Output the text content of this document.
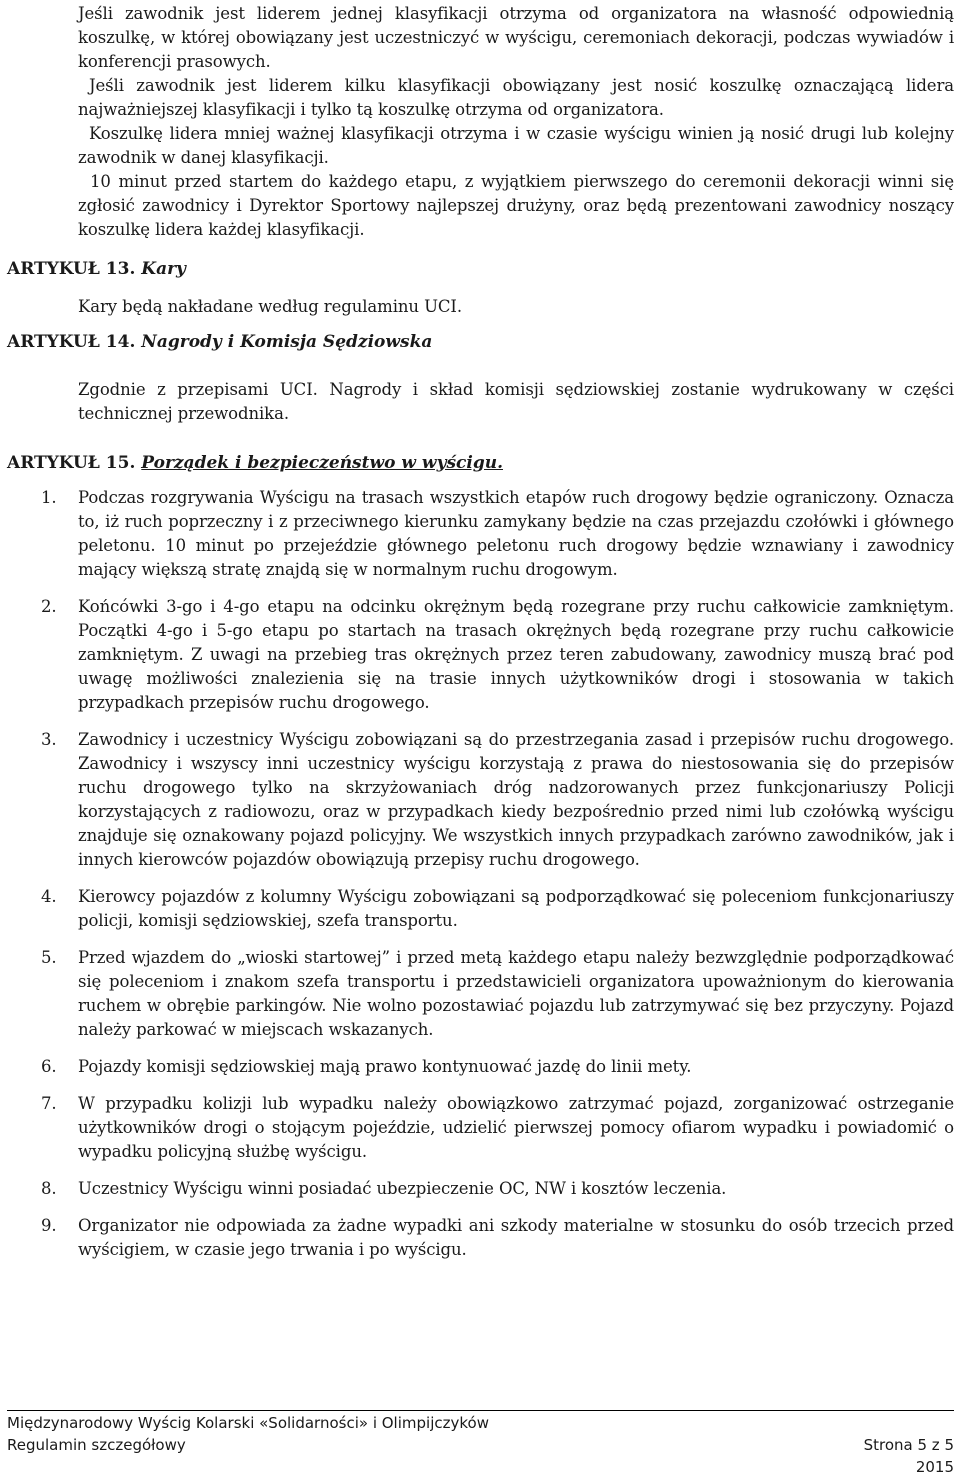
Jeśli zawodnik jest liderem jednej klasyfikacji otrzyma od organizatora na własność odpowiednią koszulkę, w której obowiązany jest uczestniczyć w wyścigu, ceremoniach dekoracji, podczas wywiadów i konferencji prasowych.

Jeśli zawodnik jest liderem kilku klasyfikacji obowiązany jest nosić koszulkę oznaczającą lidera najważniejszej klasyfikacji i tylko tą koszulkę otrzyma od organizatora.

Koszulkę lidera mniej ważnej klasyfikacji otrzyma i w czasie wyścigu winien ją nosić drugi lub kolejny zawodnik w danej klasyfikacji.

10 minut przed startem do każdego etapu, z wyjątkiem pierwszego do ceremonii dekoracji winni się zgłosić zawodnicy i Dyrektor Sportowy najlepszej drużyny, oraz będą prezentowani zawodnicy noszący koszulkę lidera każdej klasyfikacji.

ARTYKUŁ 13. Kary

Kary będą nakładane według regulaminu UCI.

ARTYKUŁ 14. Nagrody i Komisja Sędziowska

Zgodnie z przepisami UCI. Nagrody i skład komisji sędziowskiej zostanie wydrukowany w części technicznej przewodnika.

ARTYKUŁ 15. Porządek i bezpieczeństwo w wyścigu.
1. Podczas rozgrywania Wyścigu na trasach wszystkich etapów ruch drogowy będzie ograniczony. Oznacza to, iż ruch poprzeczny i z przeciwnego kierunku zamykany będzie na czas przejazdu czołówki i głównego peletonu. 10 minut po przejeździe głównego peletonu ruch drogowy będzie wznawiany i zawodnicy mający większą stratę znajdą się w normalnym ruchu drogowym.
2. Końcówki 3-go i 4-go etapu na odcinku okrężnym będą rozegrane przy ruchu całkowicie zamkniętym. Początki 4-go i 5-go etapu po startach na trasach okrężnych będą rozegrane przy ruchu całkowicie zamkniętym. Z uwagi na przebieg tras okrężnych przez teren zabudowany, zawodnicy muszą brać pod uwagę możliwości znalezienia się na trasie innych użytkowników drogi i stosowania w takich przypadkach przepisów ruchu drogowego.
3. Zawodnicy i uczestnicy Wyścigu zobowiązani są do przestrzegania zasad i przepisów ruchu drogowego. Zawodnicy i wszyscy inni uczestnicy wyścigu korzystają z prawa do niestosowania się do przepisów ruchu drogowego tylko na skrzyżowaniach dróg nadzorowanych przez funkcjonariuszy Policji korzystających z radiowozu, oraz w przypadkach kiedy bezpośrednio przed nimi lub czołówką wyścigu znajduje się oznakowany pojazd policyjny. We wszystkich innych przypadkach zarówno zawodników, jak i innych kierowców pojazdów obowiązują przepisy ruchu drogowego.
4. Kierowcy pojazdów z kolumny Wyścigu zobowiązani są podporządkować się poleceniom funkcjonariuszy policji, komisji sędziowskiej, szefa transportu.
5. Przed wjazdem do „wioski startowej” i przed metą każdego etapu należy bezwzględnie podporządkować się poleceniom i znakom szefa transportu i przedstawicieli organizatora upoważnionym do kierowania ruchem w obrębie parkingów. Nie wolno pozostawiać pojazdu lub zatrzymywać się bez przyczyny. Pojazd należy parkować w miejscach wskazanych.
6. Pojazdy komisji sędziowskiej mają prawo kontynuować jazdę do linii mety.
7. W przypadku kolizji lub wypadku należy obowiązkowo zatrzymać pojazd, zorganizować ostrzeganie użytkowników drogi o stojącym pojeździe, udzielić pierwszej pomocy ofiarom wypadku i powiadomić o wypadku policyjną służbę wyścigu.
8. Uczestnicy Wyścigu winni posiadać ubezpieczenie OC, NW i kosztów leczenia.
9. Organizator nie odpowiada za żadne wypadki ani szkody materialne w stosunku do osób trzecich przed wyścigiem, w czasie jego trwania i po wyścigu.
Międzynarodowy Wyścig Kolarski «Solidarności» i Olimpijczyków
Regulamin szczegółowy	Strona 5 z 5
2015
